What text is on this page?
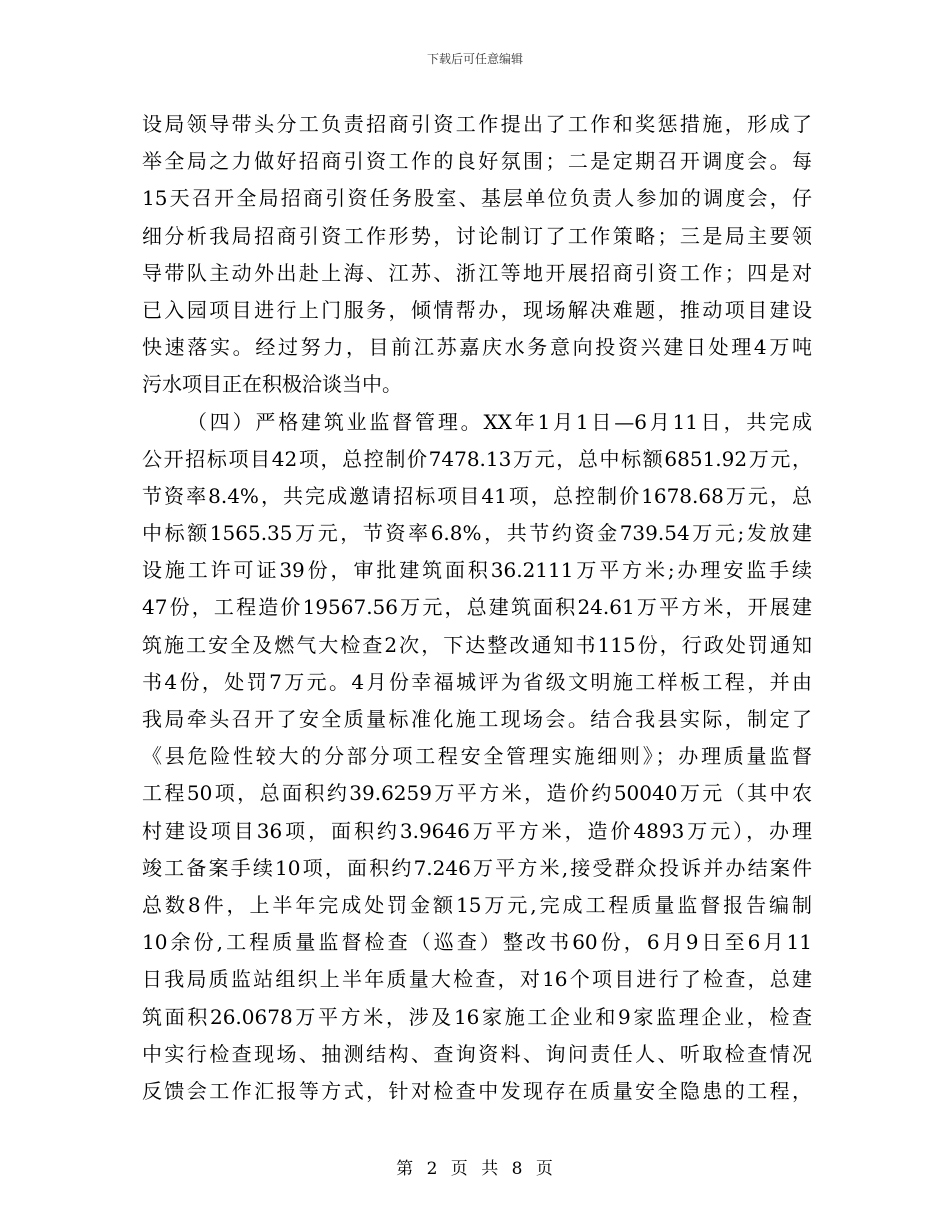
下载后可任意编辑
设局领导带头分工负责招商引资工作提出了工作和奖惩措施，形成了
举全局之力做好招商引资工作的良好氛围；二是定期召开调度会。每
15天召开全局招商引资任务股室、基层单位负责人参加的调度会，仔
细分析我局招商引资工作形势，讨论制订了工作策略；三是局主要领
导带队主动外出赴上海、江苏、浙江等地开展招商引资工作；四是对
已入园项目进行上门服务，倾情帮办，现场解决难题，推动项目建设
快速落实。经过努力，目前江苏嘉庆水务意向投资兴建日处理4万吨
污水项目正在积极洽谈当中。
（四）严格建筑业监督管理。XX年1月1日—6月11日，共完成
公开招标项目42项，总控制价7478.13万元，总中标额6851.92万元，
节资率8.4%，共完成邀请招标项目41项，总控制价1678.68万元，总
中标额1565.35万元，节资率6.8%，共节约资金739.54万元;发放建
设施工许可证39份，审批建筑面积36.2111万平方米;办理安监手续
47份，工程造价19567.56万元，总建筑面积24.61万平方米，开展建
筑施工安全及燃气大检查2次，下达整改通知书115份，行政处罚通知
书4份，处罚7万元。4月份幸福城评为省级文明施工样板工程，并由
我局牵头召开了安全质量标准化施工现场会。结合我县实际，制定了
《县危险性较大的分部分项工程安全管理实施细则》；办理质量监督
工程50项，总面积约39.6259万平方米，造价约50040万元（其中农
村建设项目36项，面积约3.9646万平方米，造价4893万元），办理
竣工备案手续10项，面积约7.246万平方米,接受群众投诉并办结案件
总数8件，上半年完成处罚金额15万元,完成工程质量监督报告编制
10余份,工程质量监督检查（巡查）整改书60份，6月9日至6月11
日我局质监站组织上半年质量大检查，对16个项目进行了检查，总建
筑面积26.0678万平方米，涉及16家施工企业和9家监理企业，检查
中实行检查现场、抽测结构、查询资料、询问责任人、听取检查情况
反馈会工作汇报等方式，针对检查中发现存在质量安全隐患的工程，
第 2 页 共 8 页
